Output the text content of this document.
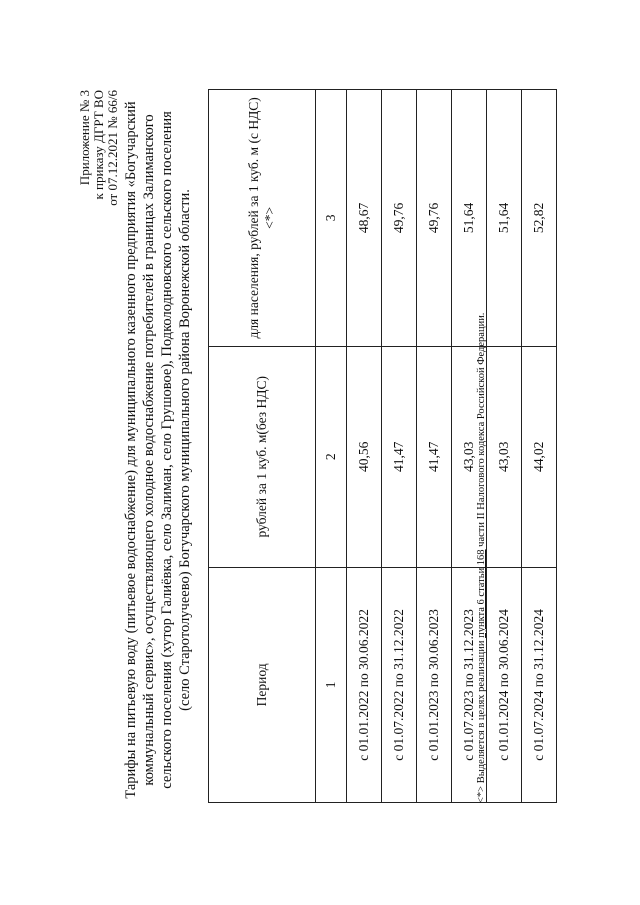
Приложение № 3 к приказу ДГРТ ВО от 07.12.2021 № 66/6 Тарифы на питьевую воду (питьевое водоснабжение) для муниципального казенного предприятия «Богучарский коммунальный сервис», осуществляющего холодное водоснабжение потребителей в границах Залиманского сельского поселения (хутор Галиёвка, село Залиман, село Грушовое), Подколодновского сельского поселения (село Старотолучеево) Богучарского муниципального района Воронежской области.	Период	рублей за 1 куб. м(без НДС)	для населения, рублей за 1 куб. м (с НДС)<*>
1	2	3
с 01.01.2022 по 30.06.2022	40,56	48,67
с 01.07.2022 по 31.12.2022	41,47	49,76
с 01.01.2023 по 30.06.2023	41,47	49,76
с 01.07.2023 по 31.12.2023	43,03	51,64
с 01.01.2024 по 30.06.2024	43,03	51,64
с 01.07.2024 по 31.12.2024	44,02	52,82
<*> Выделяется в целях реализации пункта 6 статьи 168 части II Налогового кодекса Российской Федерации.
